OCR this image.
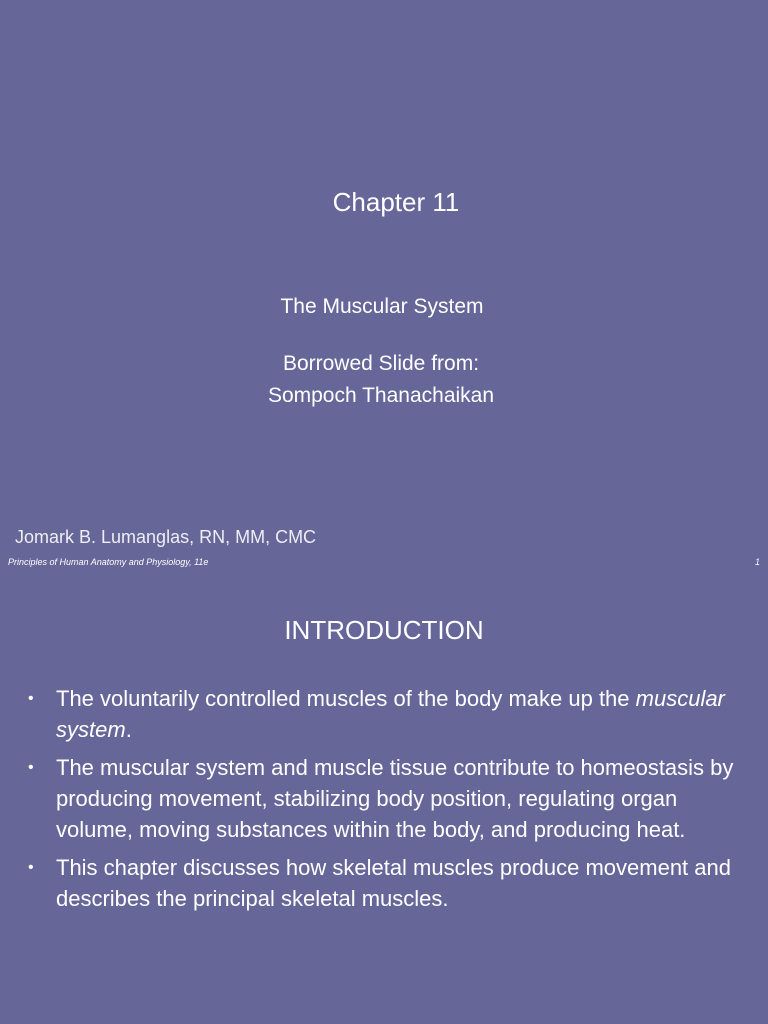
Chapter 11
The Muscular System
Borrowed Slide from:
Sompoch Thanachaikan
Jomark B. Lumanglas, RN, MM, CMC
Principles of Human Anatomy and Physiology, 11e	1
INTRODUCTION
• The voluntarily controlled muscles of the body make up the muscular system.
• The muscular system and muscle tissue contribute to homeostasis by producing movement, stabilizing body position, regulating organ volume, moving substances within the body, and producing heat.
• This chapter discusses how skeletal muscles produce movement and describes the principal skeletal muscles.
